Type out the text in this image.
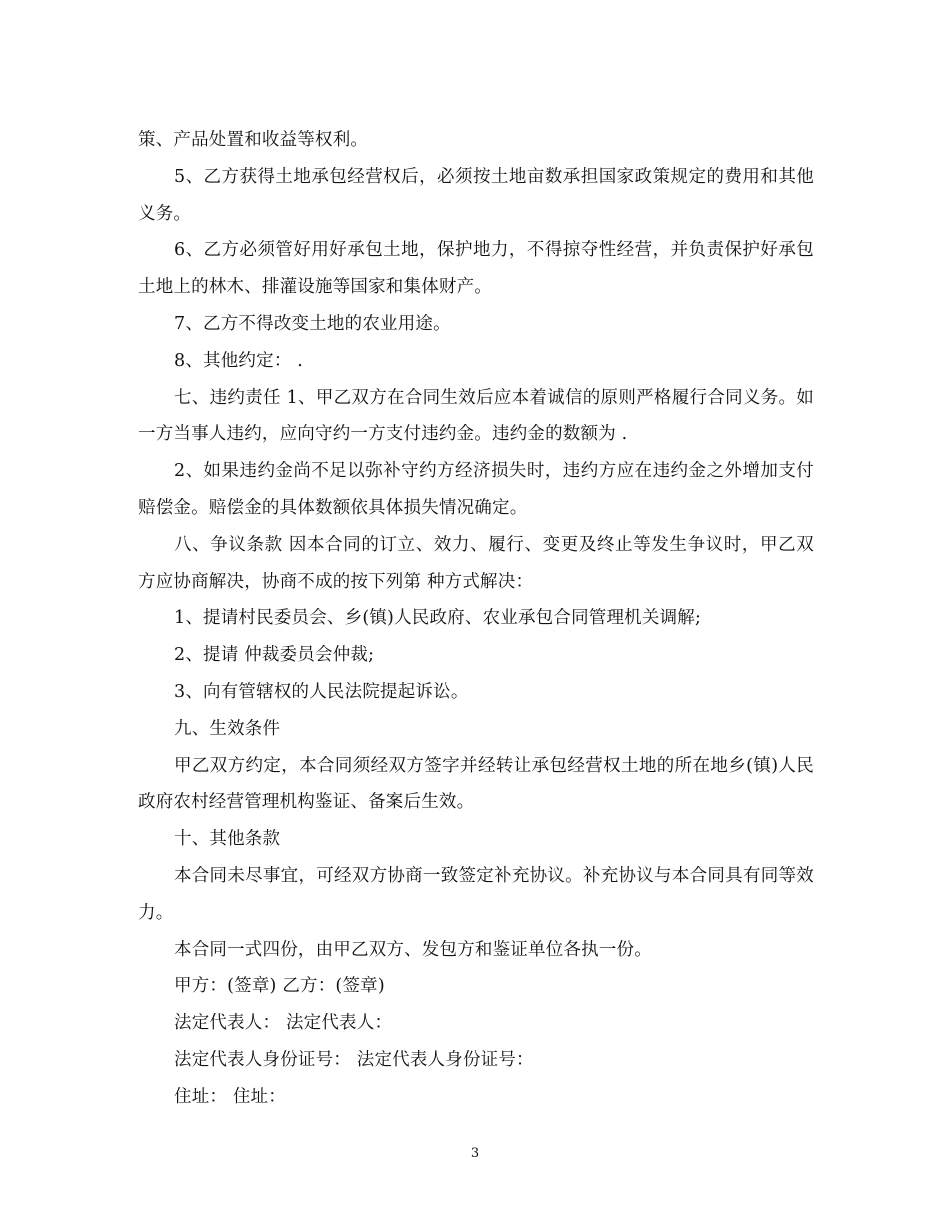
策、产品处置和收益等权利。

5、乙方获得土地承包经营权后，必须按土地亩数承担国家政策规定的费用和其他义务。

6、乙方必须管好用好承包土地，保护地力，不得掠夺性经营，并负责保护好承包土地上的林木、排灌设施等国家和集体财产。

7、乙方不得改变土地的农业用途。

8、其他约定： .

七、违约责任 1、甲乙双方在合同生效后应本着诚信的原则严格履行合同义务。如一方当事人违约，应向守约一方支付违约金。违约金的数额为 .

2、如果违约金尚不足以弥补守约方经济损失时，违约方应在违约金之外增加支付赔偿金。赔偿金的具体数额依具体损失情况确定。

八、争议条款 因本合同的订立、效力、履行、变更及终止等发生争议时，甲乙双方应协商解决，协商不成的按下列第 种方式解决：

1、提请村民委员会、乡(镇)人民政府、农业承包合同管理机关调解;

2、提请 仲裁委员会仲裁;

3、向有管辖权的人民法院提起诉讼。

九、生效条件

甲乙双方约定，本合同须经双方签字并经转让承包经营权土地的所在地乡(镇)人民政府农村经营管理机构鉴证、备案后生效。

十、其他条款

本合同未尽事宜，可经双方协商一致签定补充协议。补充协议与本合同具有同等效力。

本合同一式四份，由甲乙双方、发包方和鉴证单位各执一份。

甲方：(签章) 乙方：(签章)

法定代表人： 法定代表人：

法定代表人身份证号： 法定代表人身份证号：

住址： 住址：

3
